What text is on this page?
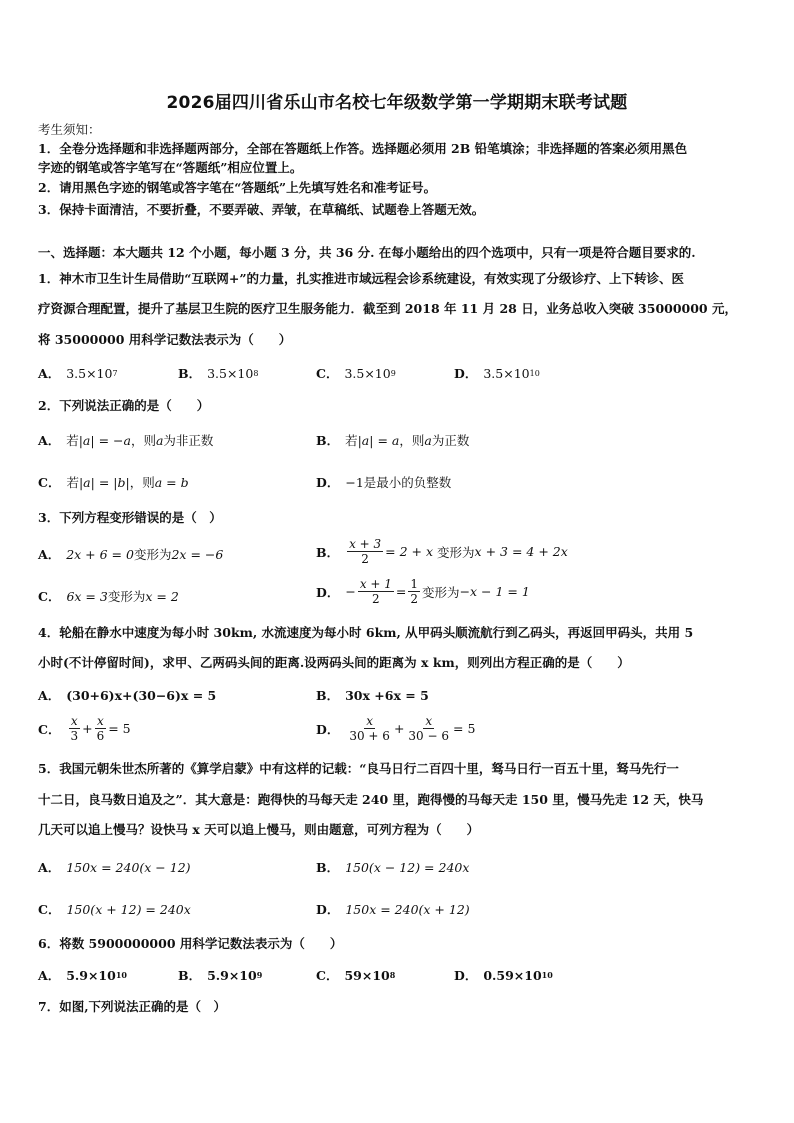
2026届四川省乐山市名校七年级数学第一学期期末联考试题
考生须知：
1．全卷分选择题和非选择题两部分，全部在答题纸上作答。选择题必须用 2B 铅笔填涂；非选择题的答案必须用黑色
字迹的钢笔或答字笔写在“答题纸”相应位置上。
2．请用黑色字迹的钢笔或答字笔在“答题纸”上先填写姓名和准考证号。
3．保持卡面清洁，不要折叠，不要弄破、弄皱，在草稿纸、试题卷上答题无效。
一、选择题：本大题共 12 个小题，每小题 3 分，共 36 分. 在每小题给出的四个选项中，只有一项是符合题目要求的.
1．神木市卫生计生局借助“互联网+”的力量，扎实推进市域远程会诊系统建设，有效实现了分级诊疗、上下转诊、医
疗资源合理配置，提升了基层卫生院的医疗卫生服务能力．截至到 2018 年 11 月 28 日，业务总收入突破 35000000 元，
将 35000000 用科学记数法表示为（　　）
A． 3.5×10 7	B． 3.5×10 8	C． 3.5×10 9	D． 3.5×10 10
2．下列说法正确的是（　　）
A． 若 |a| = −a ，则 a 为非正数	B． 若 |a| = a ，则 a 为正数
C． 若 |a| = |b| ，则 a = b	D． −1是最小的负整数
3．下列方程变形错误的是（　）
A． 2x + 6 = 0 变形为 2x = −6	B． $\frac{x + 3}{2} = 2 + x$
变形为 x + 3 = 4 + 2x
C． 6x = 3 变形为 x = 2	D． − $\frac{x + 1}{2} = \frac{1}{2}$ 变形为 −x − 1 = 1
4．轮船在静水中速度为每小时 30km, 水流速度为每小时 6km, 从甲码头顺流航行到乙码头，再返回甲码头，共用 5
小时(不计停留时间)，求甲、乙两码头间的距离.设两码头间的距离为 x km，则列出方程正确的是（　　）
A． (30+6)x+(30−6)x = 5	B． 30x +6x = 5
C． $\frac{x}{3} + \frac{x}{6} = 5$	D． $\frac{x}{30 + 6} + \frac{x}{30 - 6} = 5$
5．我国元朝朱世杰所著的《算学启蒙》中有这样的记载：“良马日行二百四十里，驽马日行一百五十里，驽马先行一
十二日，良马数日追及之”．其大意是：跑得快的马每天走 240 里，跑得慢的马每天走 150 里，慢马先走 12 天，快马
几天可以追上慢马？设快马 x 天可以追上慢马，则由题意，可列方程为（　　）
A． 150x = 240(x − 12)	B． 150(x − 12) = 240x
C． 150(x + 12) = 240x	D． 150x = 240(x + 12)
6．将数 5900000000 用科学记数法表示为（　　）
A． 5.9×10 10	B． 5.9×10 9	C． 59×10 8	D． 0.59×10 10
7．如图,下列说法正确的是（　）
